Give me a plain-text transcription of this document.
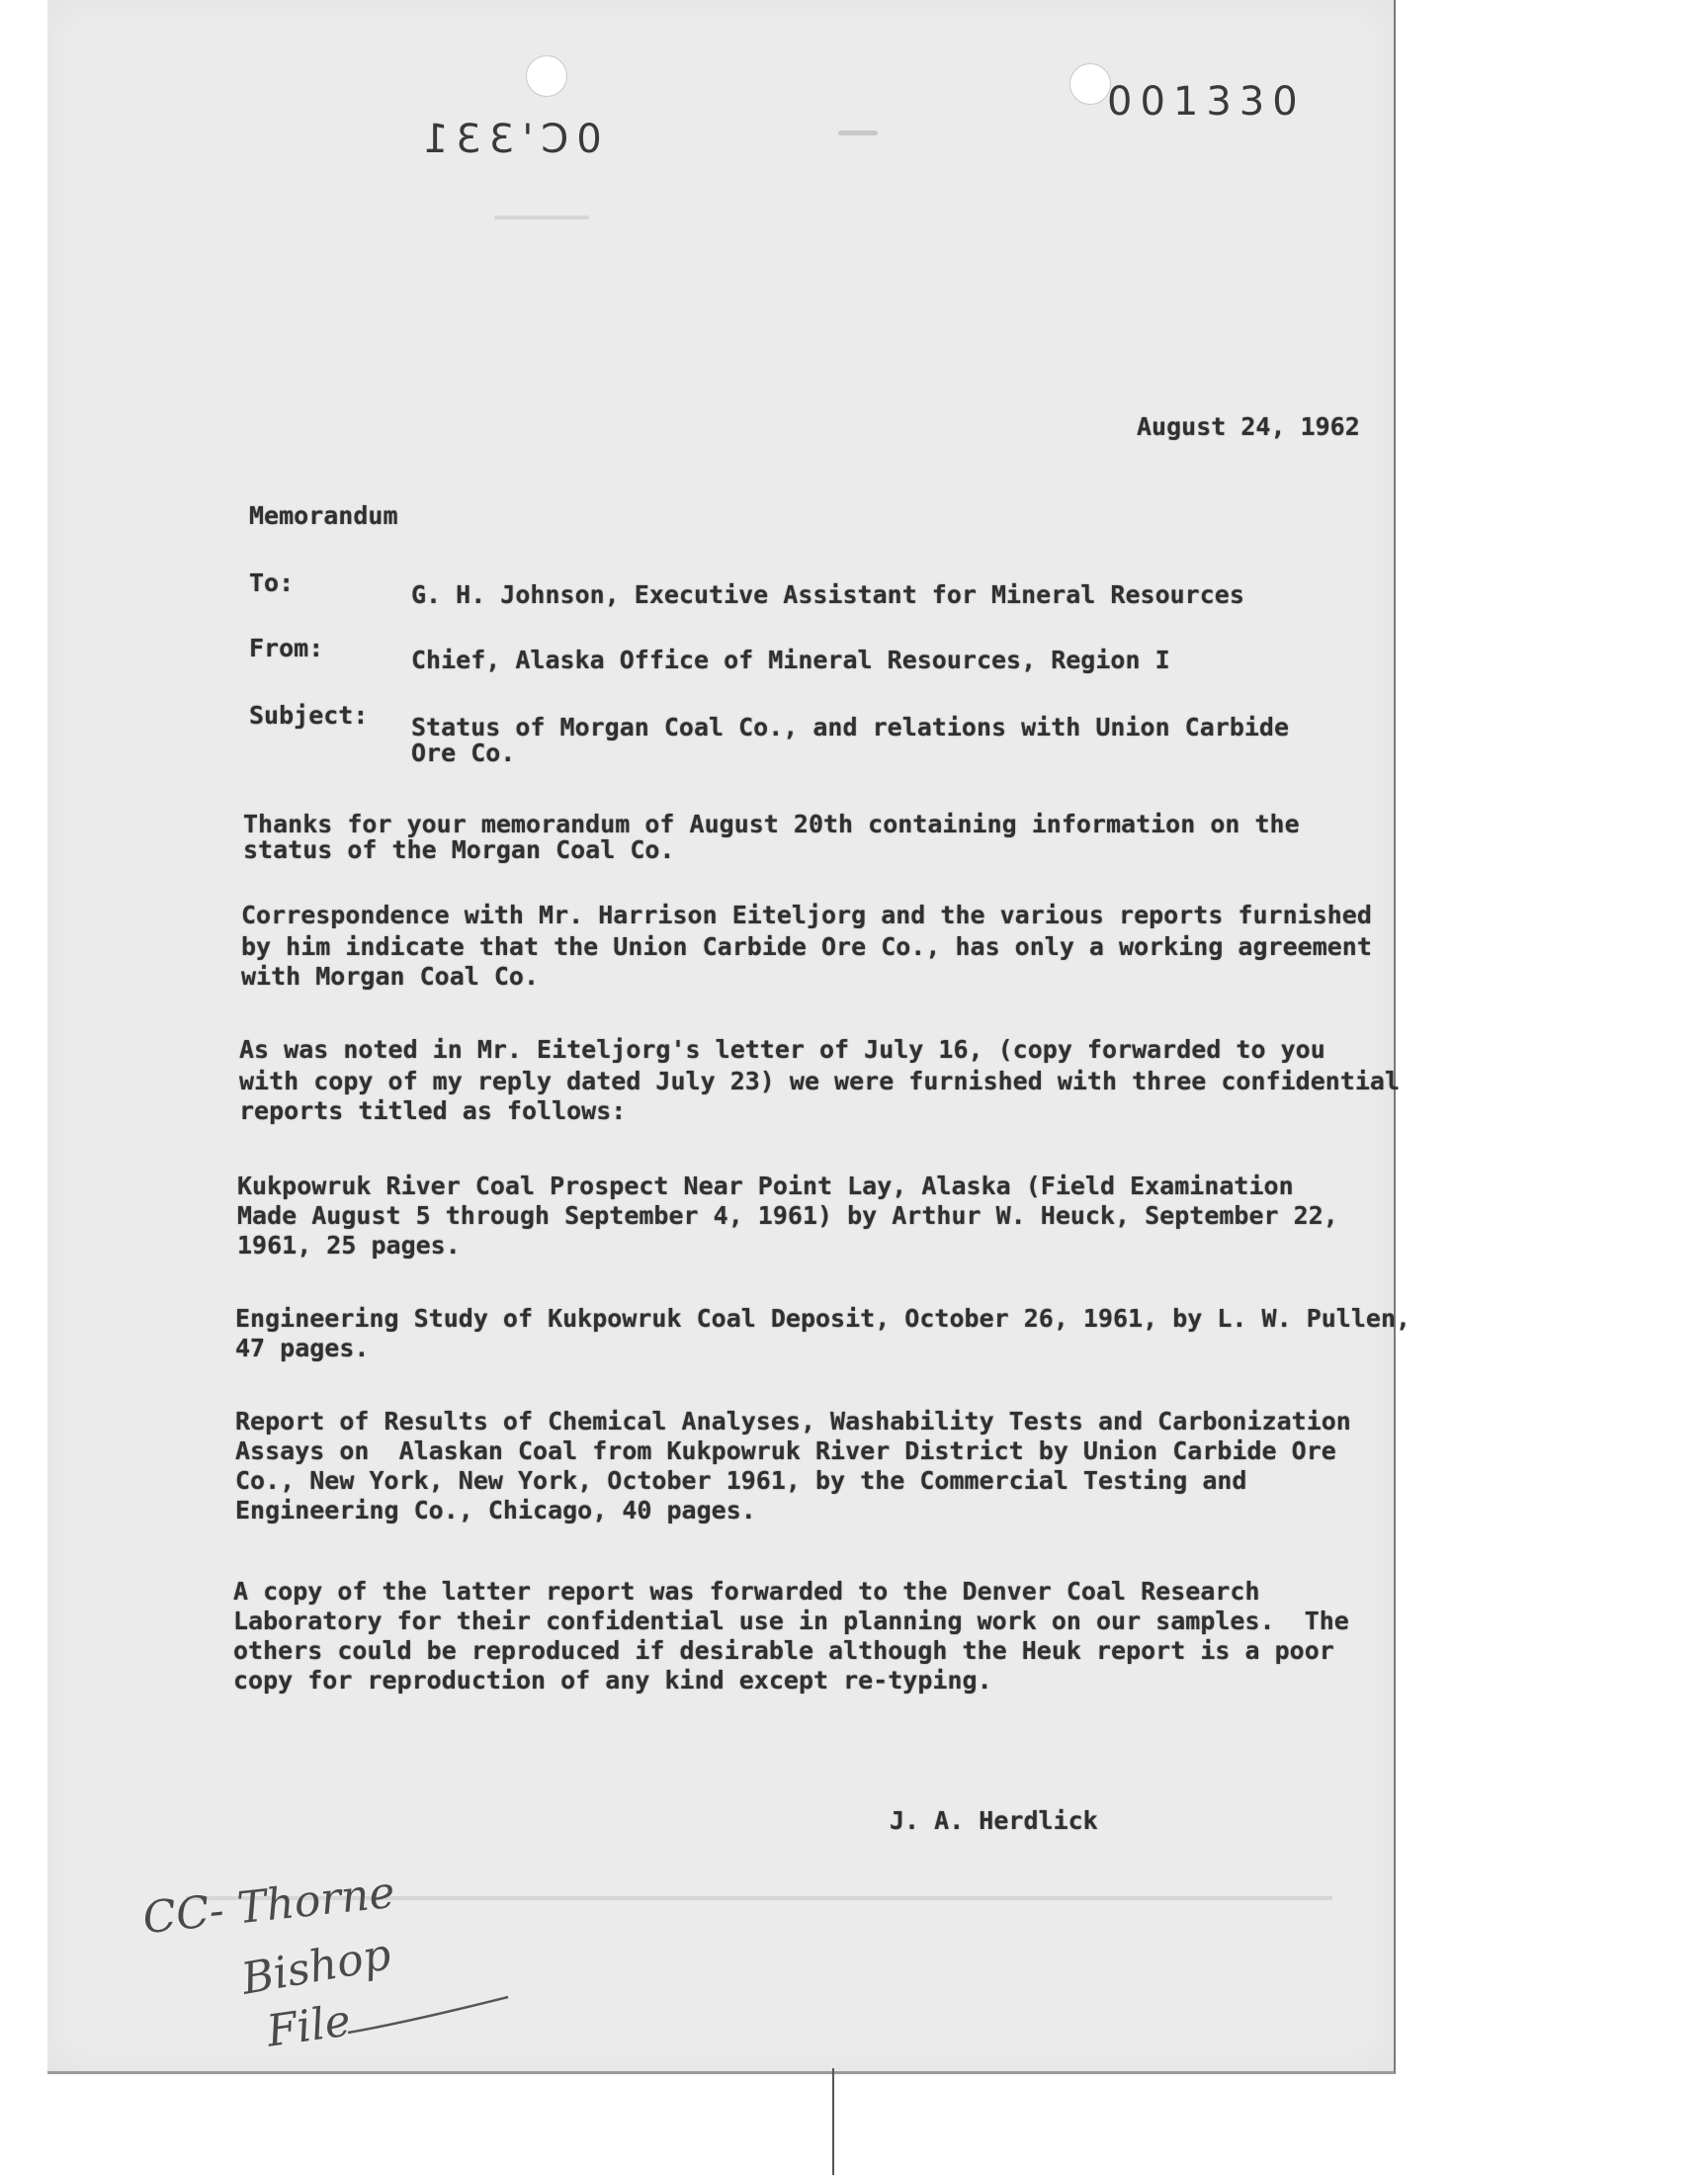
001330
0C'331
August 24, 1962
Memorandum
To:	G. H. Johnson, Executive Assistant for Mineral Resources
From:	Chief, Alaska Office of Mineral Resources, Region I
Subject: Status of Morgan Coal Co., and relations with Union Carbide
Ore Co.
Thanks for your memorandum of August 20th containing information on the
status of the Morgan Coal Co.
Correspondence with Mr. Harrison Eiteljorg and the various reports furnished
by him indicate that the Union Carbide Ore Co., has only a working agreement
with Morgan Coal Co.
As was noted in Mr. Eiteljorg's letter of July 16, (copy forwarded to you
with copy of my reply dated July 23) we were furnished with three confidential
reports titled as follows:
Kukpowruk River Coal Prospect Near Point Lay, Alaska (Field Examination
Made August 5 through September 4, 1961) by Arthur W. Heuck, September 22,
1961, 25 pages.
Engineering Study of Kukpowruk Coal Deposit, October 26, 1961, by L. W. Pullen,
47 pages.
Report of Results of Chemical Analyses, Washability Tests and Carbonization
Assays on  Alaskan Coal from Kukpowruk River District by Union Carbide Ore
Co., New York, New York, October 1961, by the Commercial Testing and
Engineering Co., Chicago, 40 pages.
A copy of the latter report was forwarded to the Denver Coal Research
Laboratory for their confidential use in planning work on our samples.  The
others could be reproduced if desirable although the Heuk report is a poor
copy for reproduction of any kind except re-typing.
J. A. Herdlick
CC- Thorne
Bishop
File
